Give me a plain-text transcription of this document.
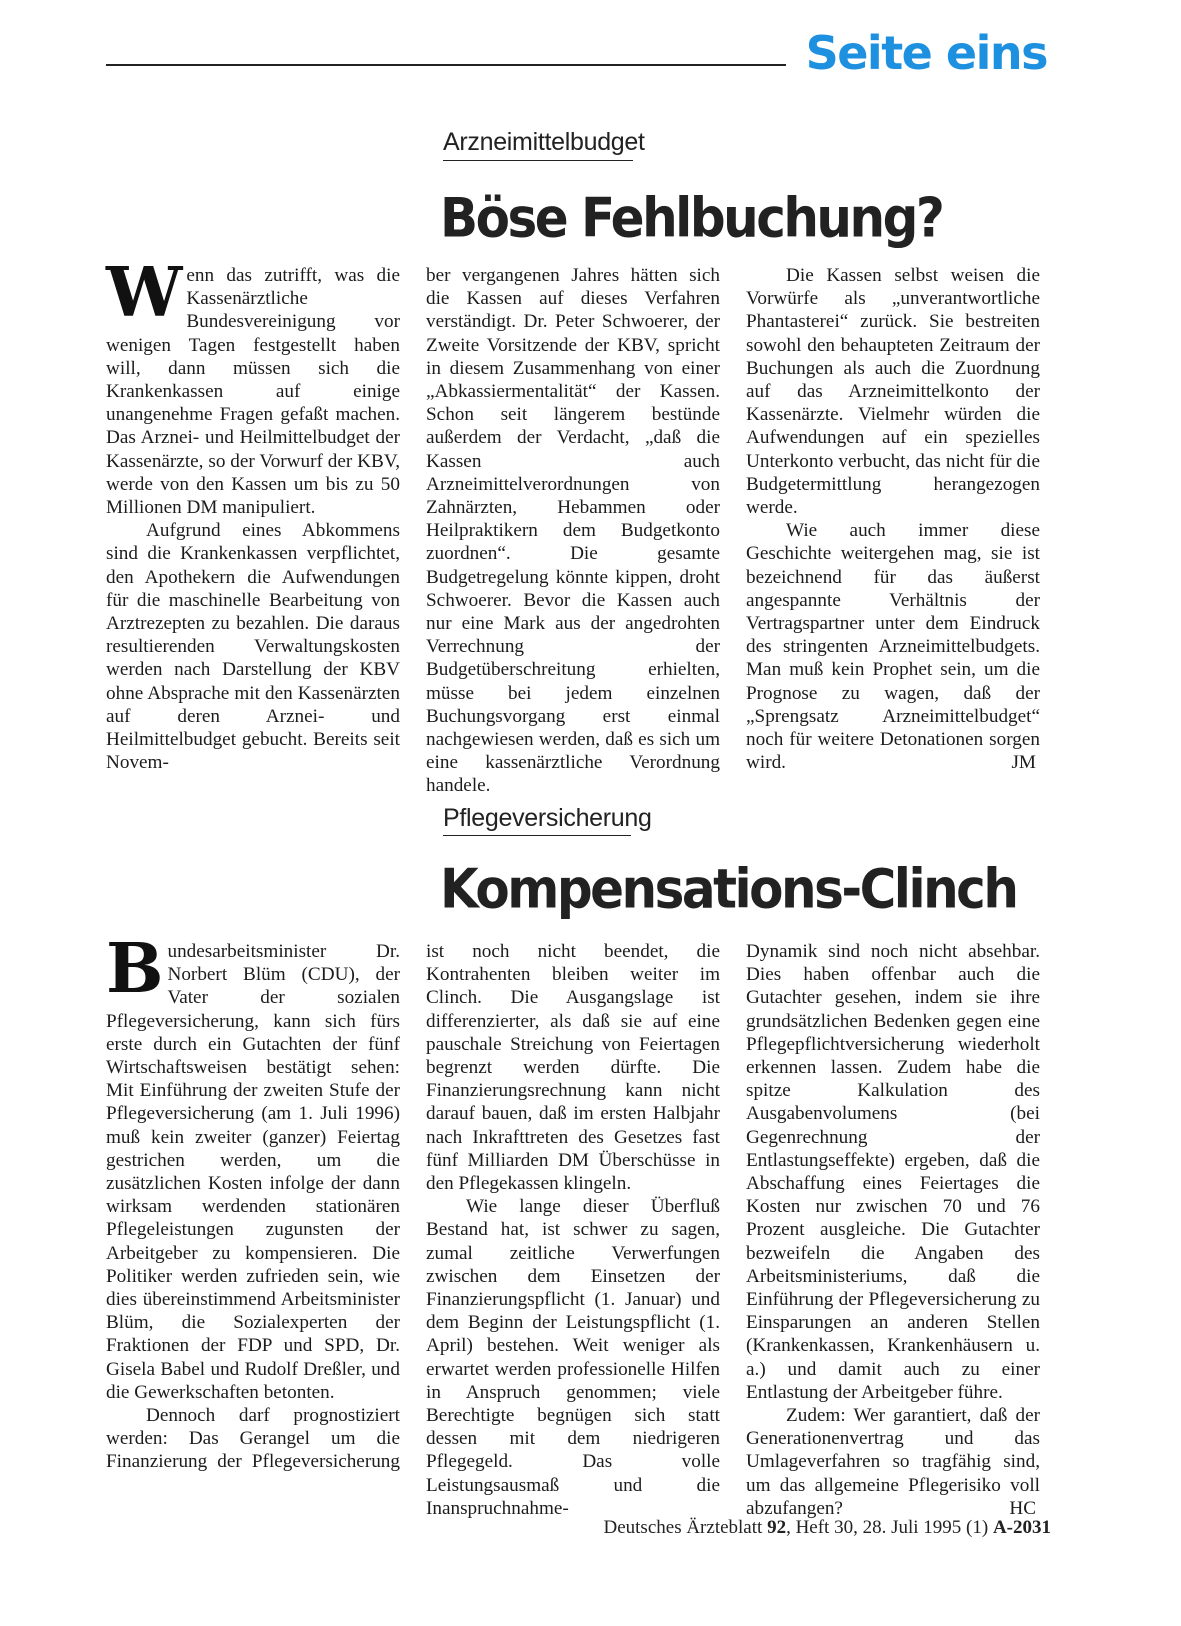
Seite eins
Arzneimittelbudget
Böse Fehlbuchung?

Wenn das zutrifft, was die Kassenärztliche Bundesvereinigung vor wenigen Tagen festgestellt haben will, dann müssen sich die Krankenkassen auf einige unangenehme Fragen gefaßt machen. Das Arznei- und Heilmittelbudget der Kassenärzte, so der Vorwurf der KBV, werde von den Kassen um bis zu 50 Millionen DM manipuliert.

Aufgrund eines Abkommens sind die Krankenkassen verpflichtet, den Apothekern die Aufwendungen für die maschinelle Bearbeitung von Arztrezepten zu bezahlen. Die daraus resultierenden Verwaltungskosten werden nach Darstellung der KBV ohne Absprache mit den Kassenärzten auf deren Arznei- und Heilmittelbudget gebucht. Bereits seit Novem-

ber vergangenen Jahres hätten sich die Kassen auf dieses Verfahren verständigt. Dr. Peter Schwoerer, der Zweite Vorsitzende der KBV, spricht in diesem Zusammenhang von einer „Abkassiermentalität“ der Kassen. Schon seit längerem bestünde außerdem der Verdacht, „daß die Kassen auch Arzneimittelverordnungen von Zahnärzten, Hebammen oder Heilpraktikern dem Budgetkonto zuordnen“. Die gesamte Budgetregelung könnte kippen, droht Schwoerer. Bevor die Kassen auch nur eine Mark aus der angedrohten Verrechnung der Budgetüberschreitung erhielten, müsse bei jedem einzelnen Buchungsvorgang erst einmal nachgewiesen werden, daß es sich um eine kassenärztliche Verordnung handele.

Die Kassen selbst weisen die Vorwürfe als „unverantwortliche Phantasterei“ zurück. Sie bestreiten sowohl den behaupteten Zeitraum der Buchungen als auch die Zuordnung auf das Arzneimittelkonto der Kassenärzte. Vielmehr würden die Aufwendungen auf ein spezielles Unterkonto verbucht, das nicht für die Budgetermittlung herangezogen werde.

Wie auch immer diese Geschichte weitergehen mag, sie ist bezeichnend für das äußerst angespannte Verhältnis der Vertragspartner unter dem Eindruck des stringenten Arzneimittelbudgets. Man muß kein Prophet sein, um die Prognose zu wagen, daß der „Sprengsatz Arzneimittelbudget“ noch für weitere Detonationen sorgen wird.	JM

Pflegeversicherung
Kompensations-Clinch

Bundesarbeitsminister Dr. Norbert Blüm (CDU), der Vater der sozialen Pflegeversicherung, kann sich fürs erste durch ein Gutachten der fünf Wirtschaftsweisen bestätigt sehen: Mit Einführung der zweiten Stufe der Pflegeversicherung (am 1. Juli 1996) muß kein zweiter (ganzer) Feiertag gestrichen werden, um die zusätzlichen Kosten infolge der dann wirksam werdenden stationären Pflegeleistungen zugunsten der Arbeitgeber zu kompensieren. Die Politiker werden zufrieden sein, wie dies übereinstimmend Arbeitsminister Blüm, die Sozialexperten der Fraktionen der FDP und SPD, Dr. Gisela Babel und Rudolf Dreßler, und die Gewerkschaften betonten.

Dennoch darf prognostiziert werden: Das Gerangel um die Finanzierung der Pflegeversicherung

ist noch nicht beendet, die Kontrahenten bleiben weiter im Clinch. Die Ausgangslage ist differenzierter, als daß sie auf eine pauschale Streichung von Feiertagen begrenzt werden dürfte. Die Finanzierungsrechnung kann nicht darauf bauen, daß im ersten Halbjahr nach Inkrafttreten des Gesetzes fast fünf Milliarden DM Überschüsse in den Pflegekassen klingeln.

Wie lange dieser Überfluß Bestand hat, ist schwer zu sagen, zumal zeitliche Verwerfungen zwischen dem Einsetzen der Finanzierungspflicht (1. Januar) und dem Beginn der Leistungspflicht (1. April) bestehen. Weit weniger als erwartet werden professionelle Hilfen in Anspruch genommen; viele Berechtigte begnügen sich statt dessen mit dem niedrigeren Pflegegeld. Das volle Leistungsausmaß und die Inanspruchnahme-

Dynamik sind noch nicht absehbar. Dies haben offenbar auch die Gutachter gesehen, indem sie ihre grundsätzlichen Bedenken gegen eine Pflegepflichtversicherung wiederholt erkennen lassen. Zudem habe die spitze Kalkulation des Ausgabenvolumens (bei Gegenrechnung der Entlastungseffekte) ergeben, daß die Abschaffung eines Feiertages die Kosten nur zwischen 70 und 76 Prozent ausgleiche. Die Gutachter bezweifeln die Angaben des Arbeitsministeriums, daß die Einführung der Pflegeversicherung zu Einsparungen an anderen Stellen (Krankenkassen, Krankenhäusern u. a.) und damit auch zu einer Entlastung der Arbeitgeber führe.

Zudem: Wer garantiert, daß der Generationenvertrag und das Umlageverfahren so tragfähig sind, um das allgemeine Pflegerisiko voll abzufangen?	HC

Deutsches Ärzteblatt 92, Heft 30, 28. Juli 1995 (1) A-2031
